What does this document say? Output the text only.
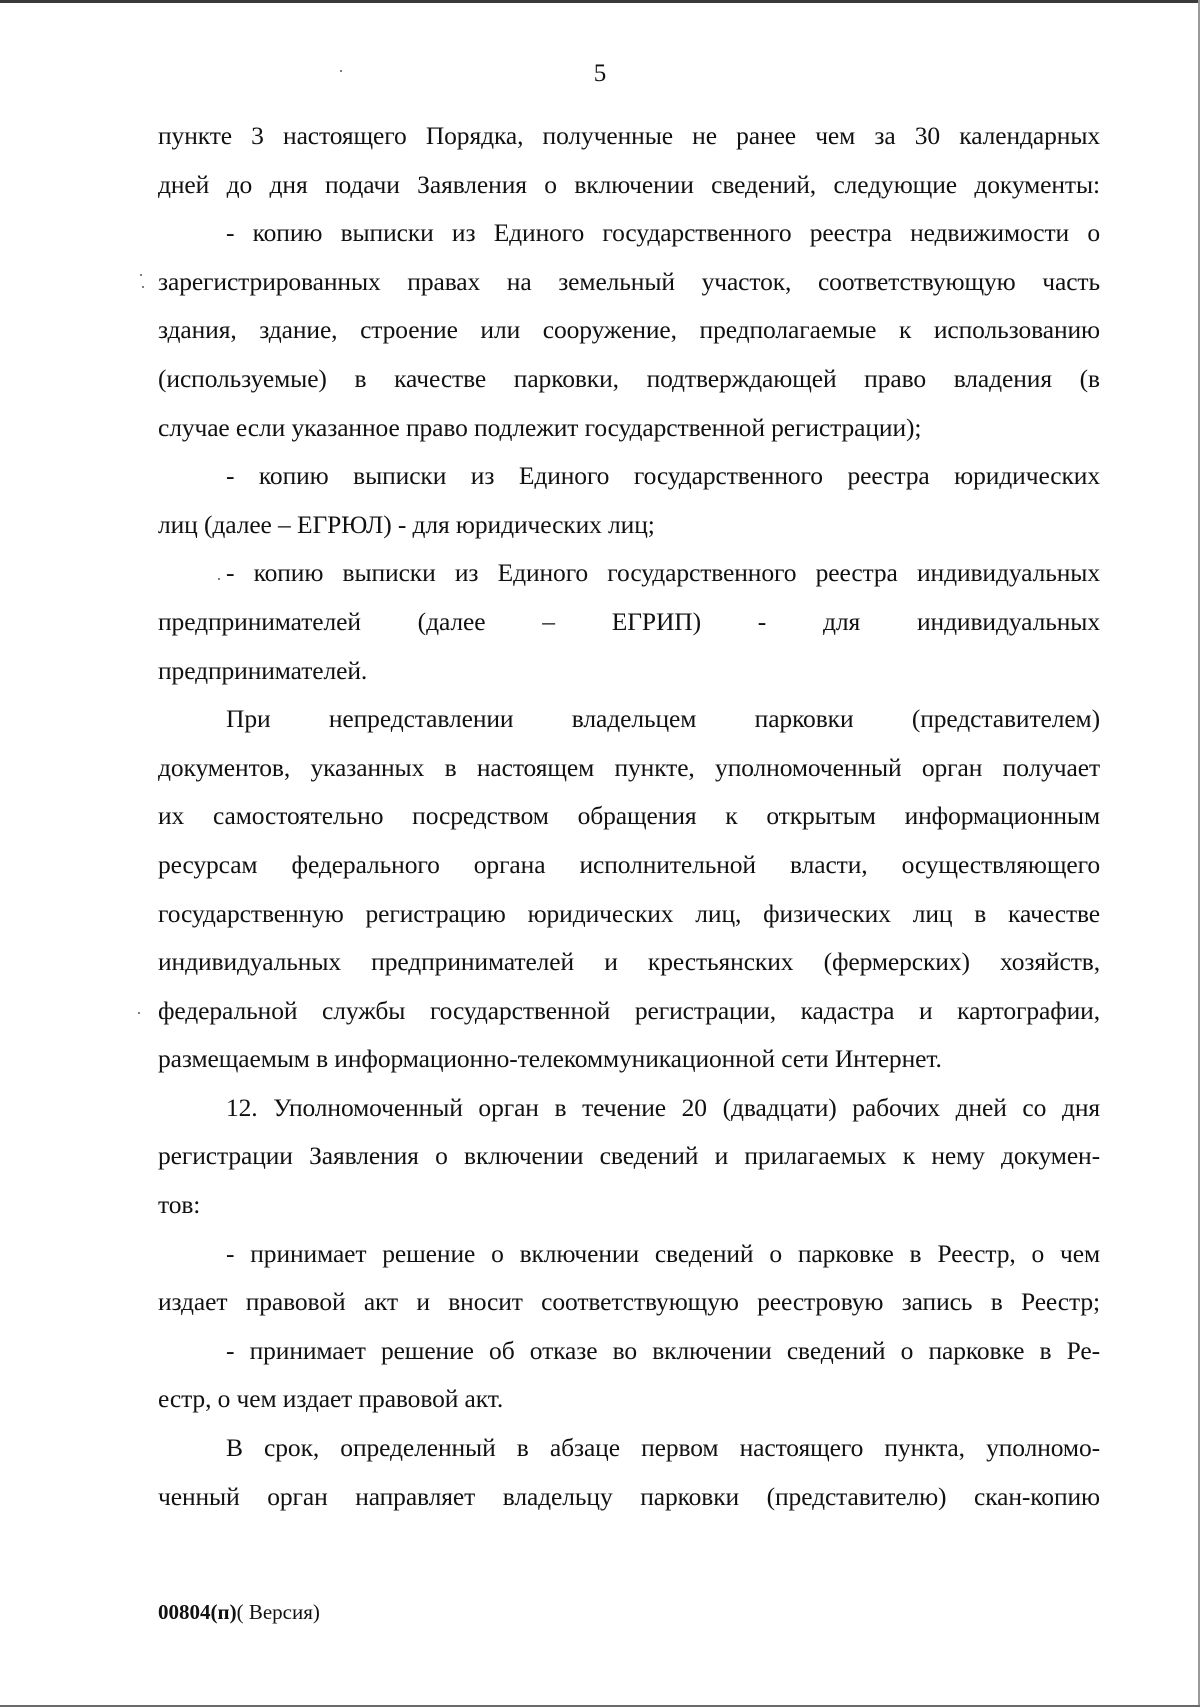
5
пункте 3 настоящего Порядка, полученные не ранее чем за 30 календарных
дней до дня подачи Заявления о включении сведений, следующие документы:
- копию выписки из Единого государственного реестра недвижимости о
зарегистрированных правах на земельный участок, соответствующую часть
здания, здание, строение или сооружение, предполагаемые к использованию
(используемые) в качестве парковки, подтверждающей право владения (в
случае если указанное право подлежит государственной регистрации);
- копию выписки из Единого государственного реестра юридических
лиц (далее – ЕГРЮЛ) - для юридических лиц;
- копию выписки из Единого государственного реестра индивидуальных
предпринимателей (далее – ЕГРИП) - для индивидуальных
предпринимателей.
При непредставлении владельцем парковки (представителем)
документов, указанных в настоящем пункте, уполномоченный орган получает
их самостоятельно посредством обращения к открытым информационным
ресурсам федерального органа исполнительной власти, осуществляющего
государственную регистрацию юридических лиц, физических лиц в качестве
индивидуальных предпринимателей и крестьянских (фермерских) хозяйств,
федеральной службы государственной регистрации, кадастра и картографии,
размещаемым в информационно-телекоммуникационной сети Интернет.
12. Уполномоченный орган в течение 20 (двадцати) рабочих дней со дня
регистрации Заявления о включении сведений и прилагаемых к нему докумен-
тов:
- принимает решение о включении сведений о парковке в Реестр, о чем
издает правовой акт и вносит соответствующую реестровую запись в Реестр;
- принимает решение об отказе во включении сведений о парковке в Ре-
естр, о чем издает правовой акт.
В срок, определенный в абзаце первом настоящего пункта, уполномо-
ченный орган направляет владельцу парковки (представителю) скан-копию
00804(п)( Версия)
